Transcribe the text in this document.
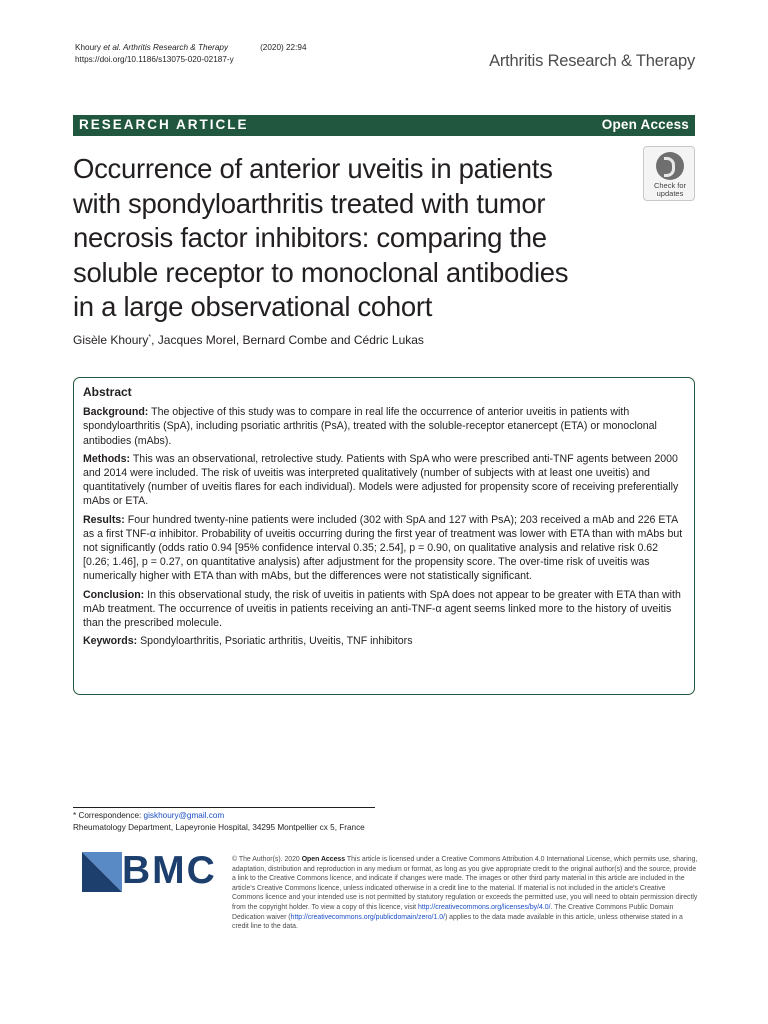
Khoury et al. Arthritis Research & Therapy	(2020) 22:94
https://doi.org/10.1186/s13075-020-02187-y	Arthritis Research & Therapy
RESEARCH ARTICLE	Open Access
Occurrence of anterior uveitis in patients
with spondyloarthritis treated with tumor
necrosis factor inhibitors: comparing the
soluble receptor to monoclonal antibodies
in a large observational cohort
Check for
updates
Gisèle Khoury*, Jacques Morel, Bernard Combe and Cédric Lukas
Abstract

Background: The objective of this study was to compare in real life the occurrence of anterior uveitis in patients with spondyloarthritis (SpA), including psoriatic arthritis (PsA), treated with the soluble-receptor etanercept (ETA) or monoclonal antibodies (mAbs).

Methods: This was an observational, retrolective study. Patients with SpA who were prescribed anti-TNF agents between 2000 and 2014 were included. The risk of uveitis was interpreted qualitatively (number of subjects with at least one uveitis) and quantitatively (number of uveitis flares for each individual). Models were adjusted for propensity score of receiving preferentially mAbs or ETA.

Results: Four hundred twenty-nine patients were included (302 with SpA and 127 with PsA); 203 received a mAb and 226 ETA as a first TNF-α inhibitor. Probability of uveitis occurring during the first year of treatment was lower with ETA than with mAbs but not significantly (odds ratio 0.94 [95% confidence interval 0.35; 2.54], p = 0.90, on qualitative analysis and relative risk 0.62 [0.26; 1.46], p = 0.27, on quantitative analysis) after adjustment for the propensity score. The over-time risk of uveitis was numerically higher with ETA than with mAbs, but the differences were not statistically significant.

Conclusion: In this observational study, the risk of uveitis in patients with SpA does not appear to be greater with ETA than with mAb treatment. The occurrence of uveitis in patients receiving an anti-TNF-α agent seems linked more to the history of uveitis than the prescribed molecule.

Keywords: Spondyloarthritis, Psoriatic arthritis, Uveitis, TNF inhibitors

* Correspondence: giskhoury@gmail.com
Rheumatology Department, Lapeyronie Hospital, 34295 Montpellier cx 5, France
BMC © The Author(s). 2020 Open Access This article is licensed under a Creative Commons Attribution 4.0 International License, which permits use, sharing, adaptation, distribution and reproduction in any medium or format, as long as you give appropriate credit to the original author(s) and the source, provide a link to the Creative Commons licence, and indicate if changes were made. The images or other third party material in this article are included in the article's Creative Commons licence, unless indicated otherwise in a credit line to the material. If material is not included in the article's Creative Commons licence and your intended use is not permitted by statutory regulation or exceeds the permitted use, you will need to obtain permission directly from the copyright holder. To view a copy of this licence, visit http://creativecommons.org/licenses/by/4.0/. The Creative Commons Public Domain Dedication waiver (http://creativecommons.org/publicdomain/zero/1.0/) applies to the data made available in this article, unless otherwise stated in a credit line to the data.
